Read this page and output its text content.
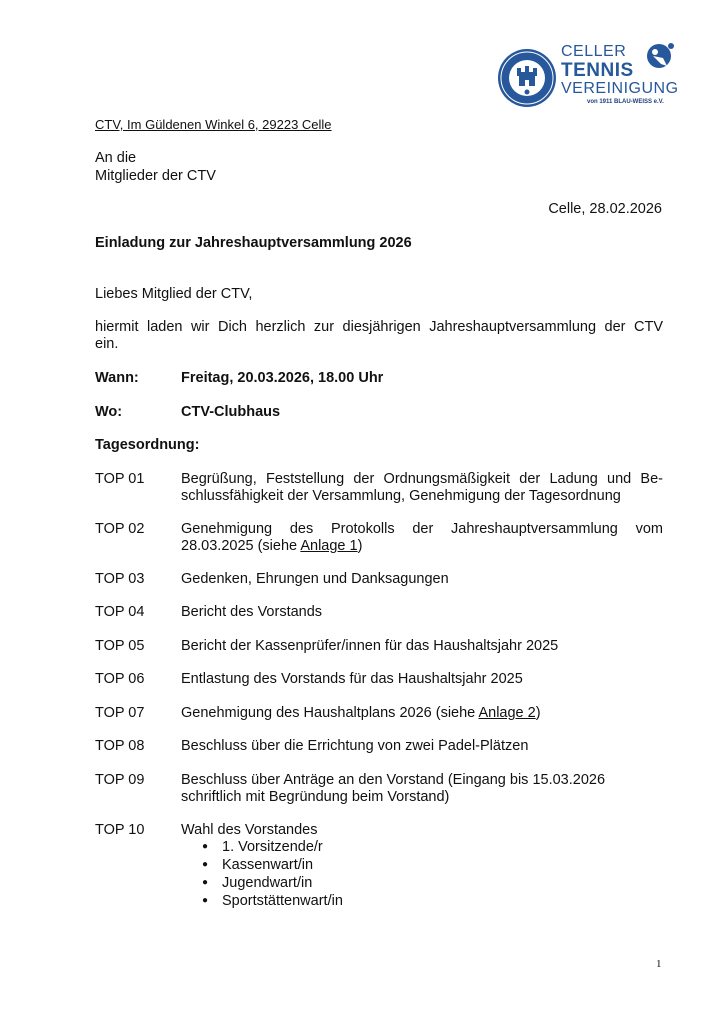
CELLER
TENNIS
VEREINIGUNG
von 1911 BLAU-WEISS e.V.
CTV, Im Güldenen Winkel 6, 29223 Celle
An die
Mitglieder der CTV
Celle, 28.02.2026
Einladung zur Jahreshauptversammlung 2026
Liebes Mitglied der CTV,
hiermit laden wir Dich herzlich zur diesjährigen Jahreshauptversammlung der CTV
ein.
Wann:	Freitag, 20.03.2026, 18.00 Uhr
Wo:	CTV-Clubhaus
Tagesordnung:
TOP 01	Begrüßung, Feststellung der Ordnungsmäßigkeit der Ladung und Be-
schlussfähigkeit der Versammlung, Genehmigung der Tagesordnung
TOP 02	Genehmigung des Protokolls der Jahreshauptversammlung vom
28.03.2025 (siehe Anlage 1)
TOP 03	Gedenken, Ehrungen und Danksagungen
TOP 04	Bericht des Vorstands
TOP 05	Bericht der Kassenprüfer/innen für das Haushaltsjahr 2025
TOP 06	Entlastung des Vorstands für das Haushaltsjahr 2025
TOP 07	Genehmigung des Haushaltplans 2026 (siehe Anlage 2)
TOP 08	Beschluss über die Errichtung von zwei Padel-Plätzen
TOP 09	Beschluss über Anträge an den Vorstand (Eingang bis 15.03.2026
schriftlich mit Begründung beim Vorstand)
TOP 10	Wahl des Vorstandes
● 1. Vorsitzende/r
● Kassenwart/in
● Jugendwart/in
● Sportstättenwart/in
1
